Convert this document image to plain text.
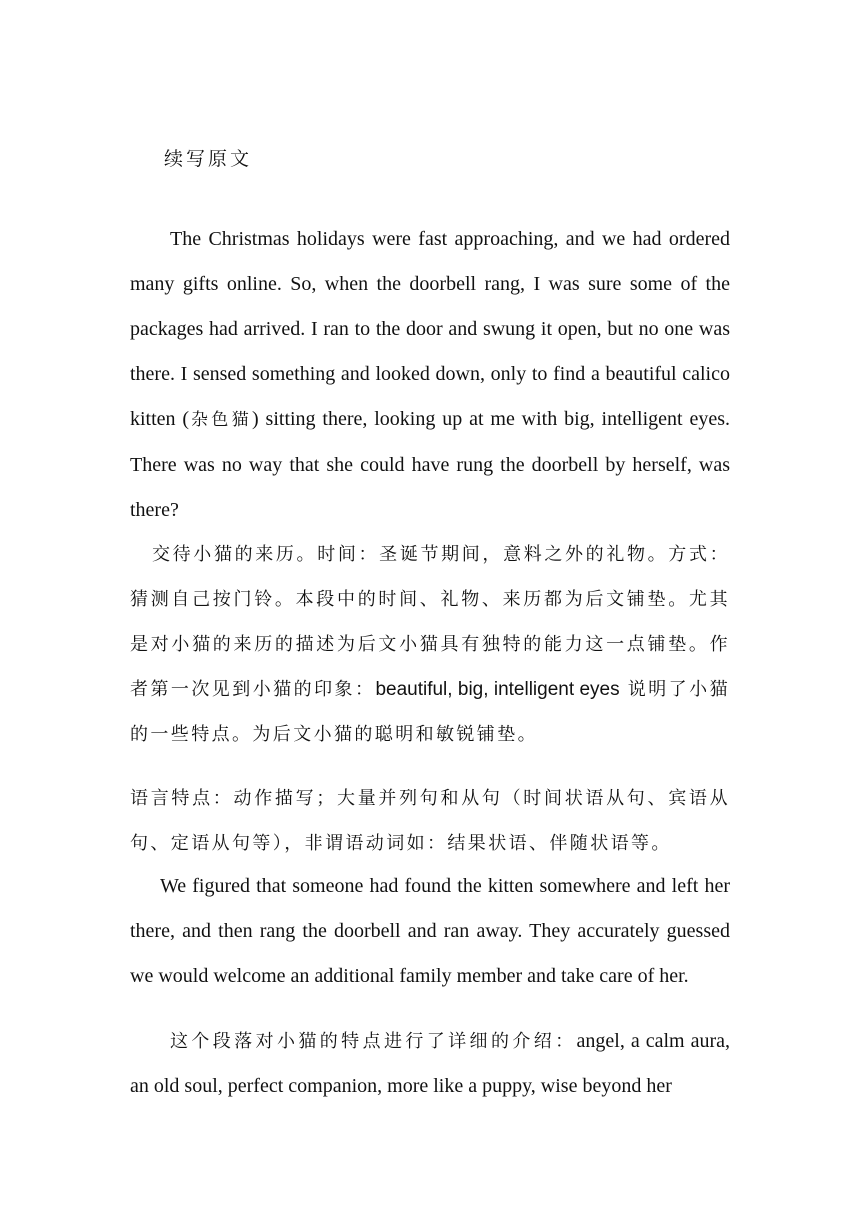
续写原文

The Christmas holidays were fast approaching, and we had ordered many gifts online. So, when the doorbell rang, I was sure some of the packages had arrived. I ran to the door and swung it open, but no one was there. I sensed something and looked down, only to find a beautiful calico kitten (杂色猫) sitting there, looking up at me with big, intelligent eyes. There was no way that she could have rung the doorbell by herself, was there?

交待小猫的来历。时间：圣诞节期间，意料之外的礼物。方式：猜测自己按门铃。本段中的时间、礼物、来历都为后文铺垫。尤其是对小猫的来历的描述为后文小猫具有独特的能力这一点铺垫。作者第一次见到小猫的印象：beautiful, big, intelligent eyes 说明了小猫的一些特点。为后文小猫的聪明和敏锐铺垫。

语言特点：动作描写；大量并列句和从句（时间状语从句、宾语从句、定语从句等），非谓语动词如：结果状语、伴随状语等。

We figured that someone had found the kitten somewhere and left her there, and then rang the doorbell and ran away. They accurately guessed we would welcome an additional family member and take care of her.

这个段落对小猫的特点进行了详细的介绍：angel, a calm aura, an old soul, perfect companion, more like a puppy, wise beyond her
